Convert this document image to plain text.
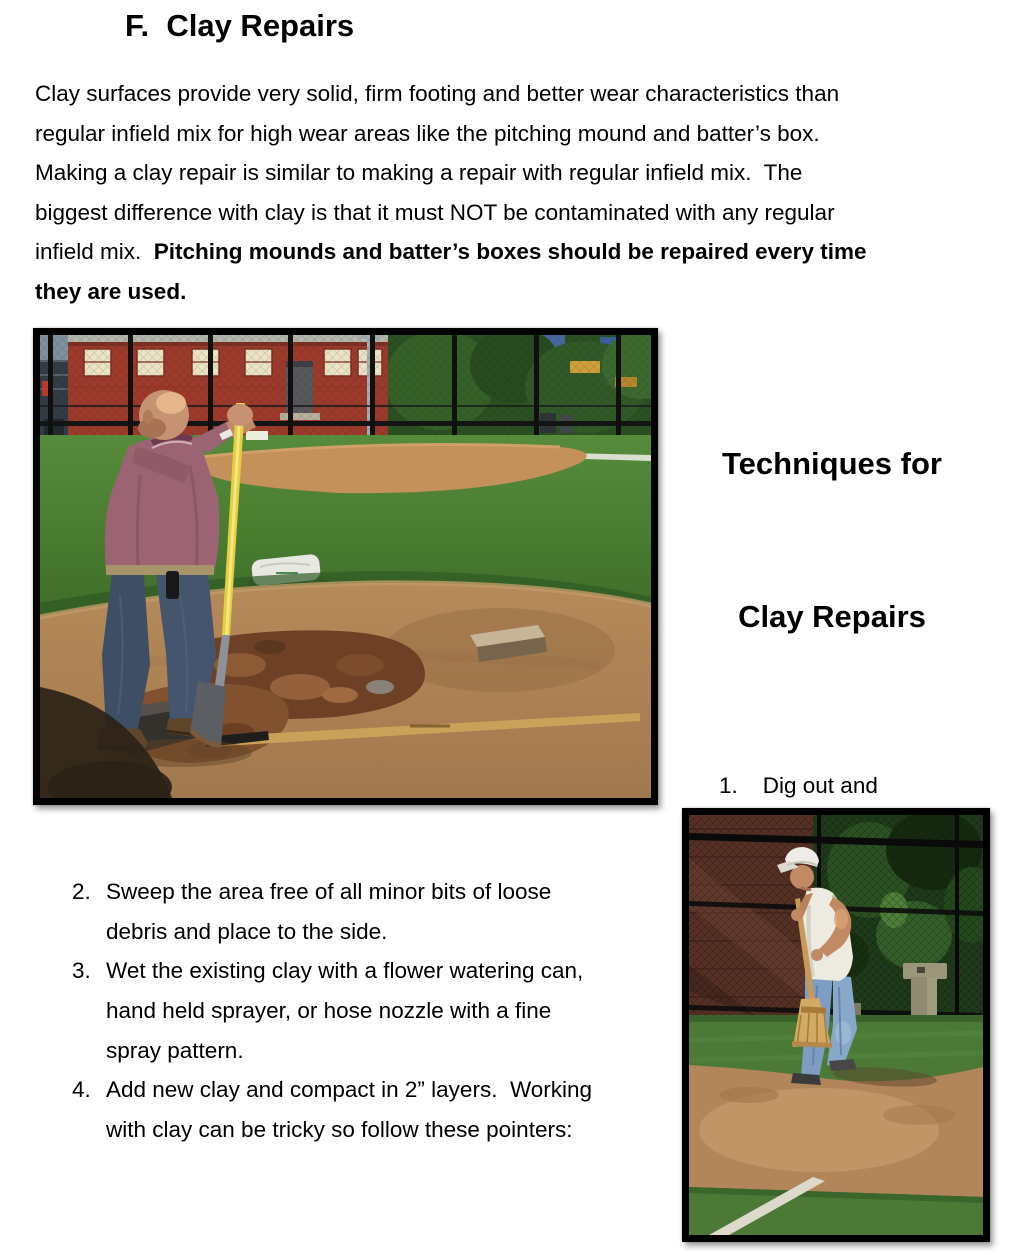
F.  Clay Repairs
Clay surfaces provide very solid, firm footing and better wear characteristics than
regular infield mix for high wear areas like the pitching mound and batter’s box.
Making a clay repair is similar to making a repair with regular infield mix.  The
biggest difference with clay is that it must NOT be contaminated with any regular
infield mix.  Pitching mounds and batter’s boxes should be repaired every time
they are used.

Techniques for

Clay Repairs

1.    Dig out and
2. Sweep the area free of all minor bits of loose
debris and place to the side.
3. Wet the existing clay with a flower watering can,
hand held sprayer, or hose nozzle with a fine
spray pattern.
4. Add new clay and compact in 2” layers.  Working
with clay can be tricky so follow these pointers:
